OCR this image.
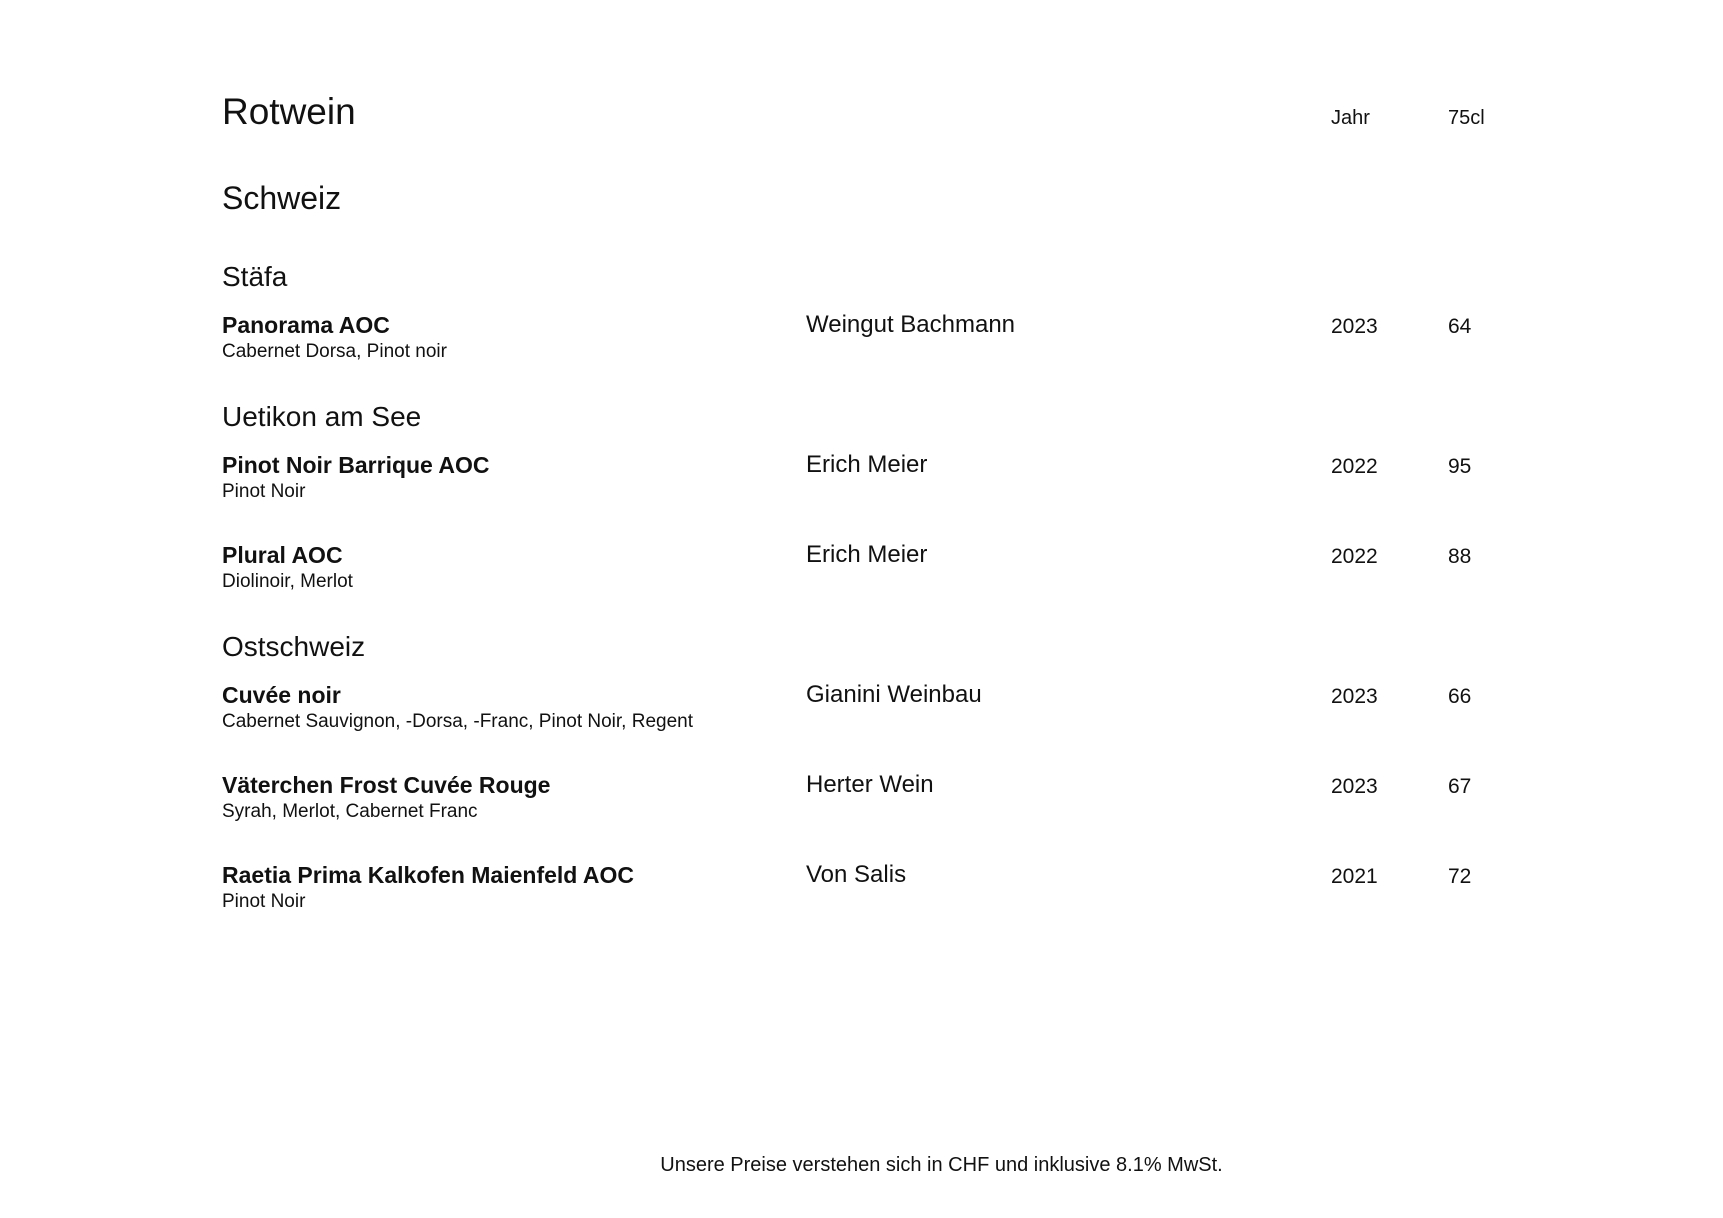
Rotwein	Jahr	75cl
Schweiz
Stäfa
Panorama AOC
Cabernet Dorsa, Pinot noir
Weingut Bachmann	2023	64
Uetikon am See
Pinot Noir Barrique AOC
Pinot Noir
Erich Meier	2022	95
Plural AOC
Diolinoir, Merlot
Erich Meier	2022	88
Ostschweiz
Cuvée noir
Cabernet Sauvignon, -Dorsa, -Franc, Pinot Noir, Regent
Gianini Weinbau	2023	66
Väterchen Frost Cuvée Rouge
Syrah, Merlot, Cabernet Franc
Herter Wein	2023	67
Raetia Prima Kalkofen Maienfeld AOC
Pinot Noir
Von Salis	2021	72
Unsere Preise verstehen sich in CHF und inklusive 8.1% MwSt.
